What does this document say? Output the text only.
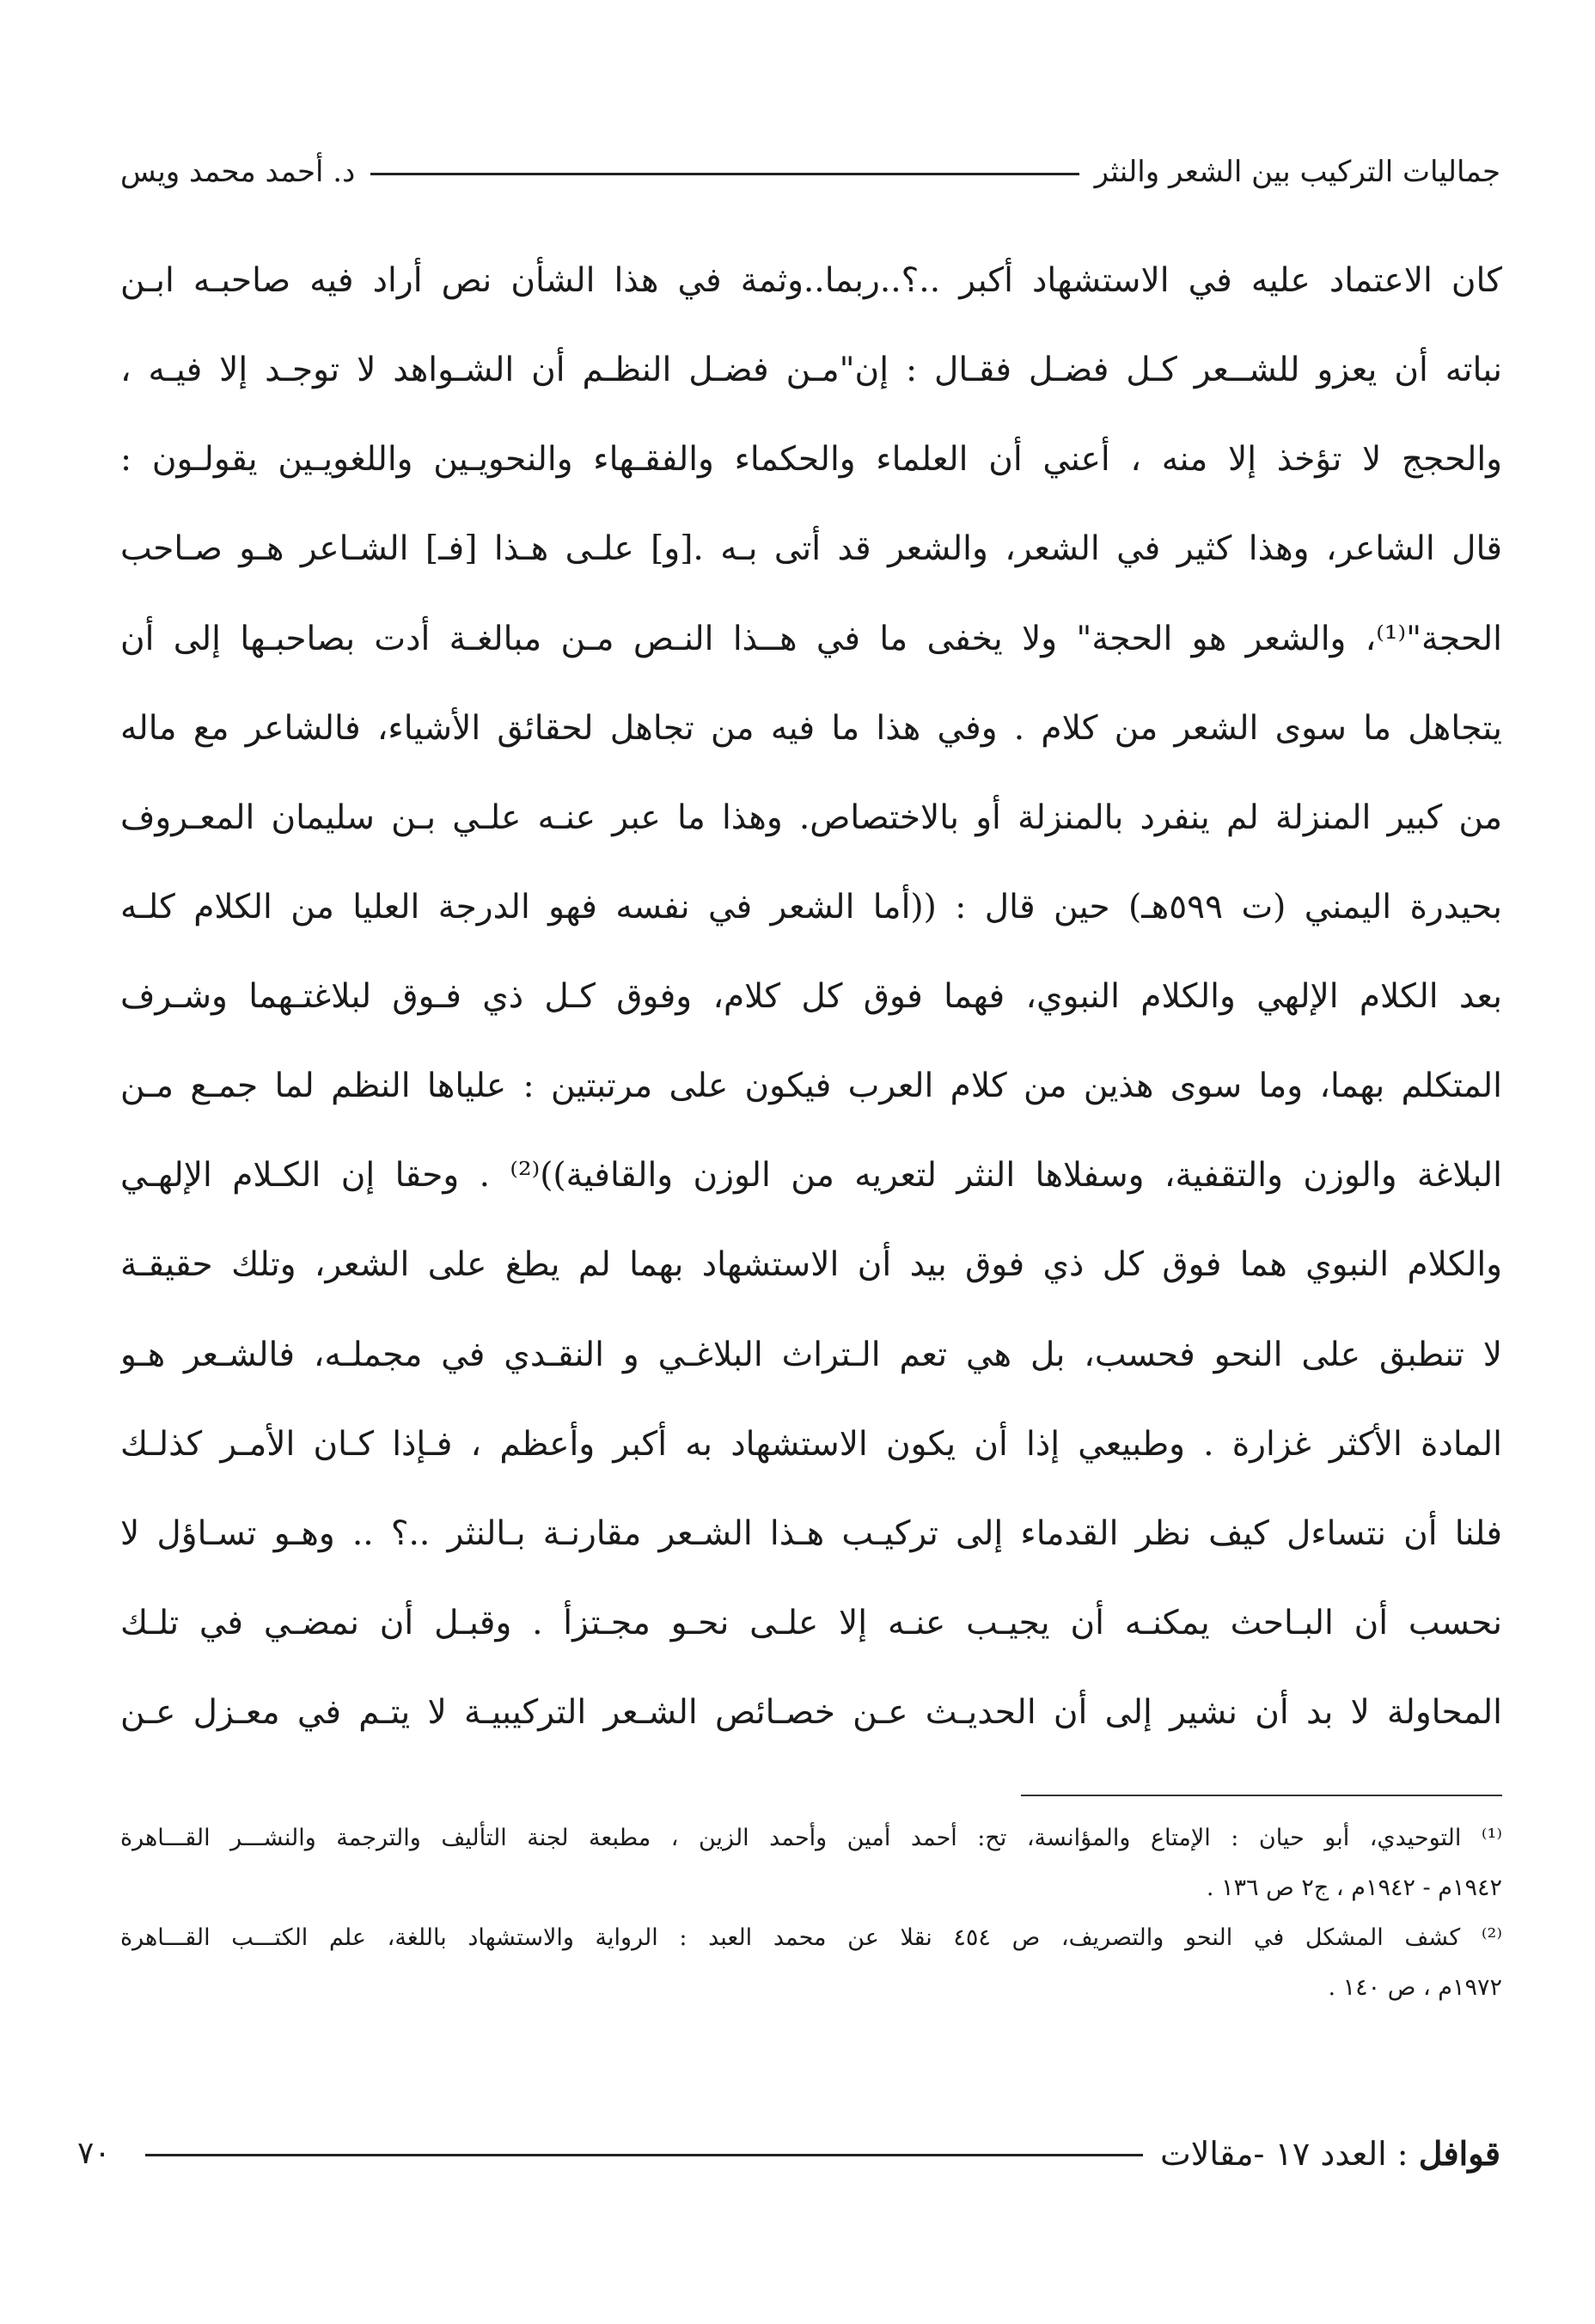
جماليات التركيب بين الشعر والنثر
د. أحمد محمد ويس
كان الاعتماد عليه في الاستشهاد أكبر ..؟..ربما..وثمة في هذا الشأن نص أراد فيه صاحبـه ابـن
نباته أن يعزو للشــعر كـل فضـل فقـال : إن"مـن فضـل النظـم أن الشـواهد لا توجـد إلا فيـه ،
والحجج لا تؤخذ إلا منه ، أعني أن العلماء والحكماء والفقـهاء والنحويـين واللغويـين يقولـون :
قال الشاعر، وهذا كثير في الشعر، والشعر قد أتى بـه .[و] علـى هـذا [فـ] الشـاعر هـو صـاحب
الحجة"⁽¹⁾، والشعر هو الحجة" ولا يخفى ما في هــذا النـص مـن مبالغـة أدت بصاحبـها إلى أن
يتجاهل ما سوى الشعر من كلام . وفي هذا ما فيه من تجاهل لحقائق الأشياء، فالشاعر مع ماله
من كبير المنزلة لم ينفرد بالمنزلة أو بالاختصاص. وهذا ما عبر عنـه علـي بـن سليمان المعـروف
بحيدرة اليمني (ت ٥٩٩هـ) حين قال : ((أما الشعر في نفسه فهو الدرجة العليا من الكلام كلـه
بعد الكلام الإلهي والكلام النبوي، فهما فوق كل كلام، وفوق كـل ذي فـوق لبلاغتـهما وشـرف
المتكلم بهما، وما سوى هذين من كلام العرب فيكون على مرتبتين : علياها النظم لما جمـع مـن
البلاغة والوزن والتقفية، وسفلاها النثر لتعريه من الوزن والقافية))⁽²⁾ . وحقا إن الكـلام الإلهـي
والكلام النبوي هما فوق كل ذي فوق بيد أن الاستشهاد بهما لم يطغ على الشعر، وتلك حقيقـة
لا تنطبق على النحو فحسب، بل هي تعم الـتراث البلاغـي و النقـدي في مجملـه، فالشـعر هـو
المادة الأكثر غزارة . وطبيعي إذا أن يكون الاستشهاد به أكبر وأعظم ، فـإذا كـان الأمـر كذلـك
فلنا أن نتساءل كيف نظر القدماء إلى تركيـب هـذا الشـعر مقارنـة بـالنثر ..؟ .. وهـو تسـاؤل لا
نحسب أن البـاحث يمكنـه أن يجيـب عنـه إلا علـى نحـو مجـتزأ . وقبـل أن نمضـي في تلـك
المحاولة لا بد أن نشير إلى أن الحديـث عـن خصـائص الشـعر التركيبيـة لا يتـم في معـزل عـن
⁽¹⁾ التوحيدي، أبو حيان : الإمتاع والمؤانسة، تح: أحمد أمين وأحمد الزين ، مطبعة لجنة التأليف والترجمة والنشـــر القـــاهرة
١٩٤٢م - ١٩٤٢م ، ج٢ ص ١٣٦ .
⁽²⁾ كشف المشكل في النحو والتصريف، ص ٤٥٤ نقلا عن محمد العبد : الرواية والاستشهاد باللغة، علم الكتـــب القـــاهرة
١٩٧٢م ، ص ١٤٠ .
قوافل : العدد ١٧ -مقالات
٧٠
